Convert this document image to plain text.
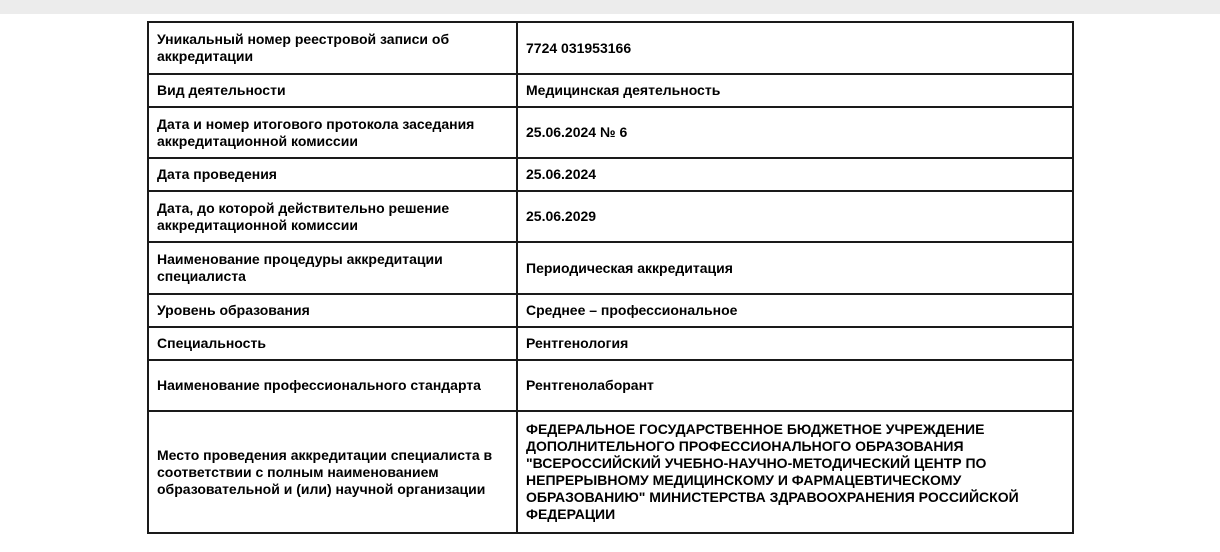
Уникальный номер реестровой записи об аккредитации	7724 031953166
Вид деятельности	Медицинская деятельность
Дата и номер итогового протокола заседания аккредитационной комиссии	25.06.2024 № 6
Дата проведения	25.06.2024
Дата, до которой действительно решение аккредитационной комиссии	25.06.2029
Наименование процедуры аккредитации специалиста	Периодическая аккредитация
Уровень образования	Среднее – профессиональное
Специальность	Рентгенология
Наименование профессионального стандарта	Рентгенолаборант
Место проведения аккредитации специалиста в соответствии с полным наименованием образовательной и (или) научной организации	ФЕДЕРАЛЬНОЕ ГОСУДАРСТВЕННОЕ БЮДЖЕТНОЕ УЧРЕЖДЕНИЕ ДОПОЛНИТЕЛЬНОГО ПРОФЕССИОНАЛЬНОГО ОБРАЗОВАНИЯ "ВСЕРОССИЙСКИЙ УЧЕБНО-НАУЧНО-МЕТОДИЧЕСКИЙ ЦЕНТР ПО НЕПРЕРЫВНОМУ МЕДИЦИНСКОМУ И ФАРМАЦЕВТИЧЕСКОМУ ОБРАЗОВАНИЮ" МИНИСТЕРСТВА ЗДРАВООХРАНЕНИЯ РОССИЙСКОЙ ФЕДЕРАЦИИ
